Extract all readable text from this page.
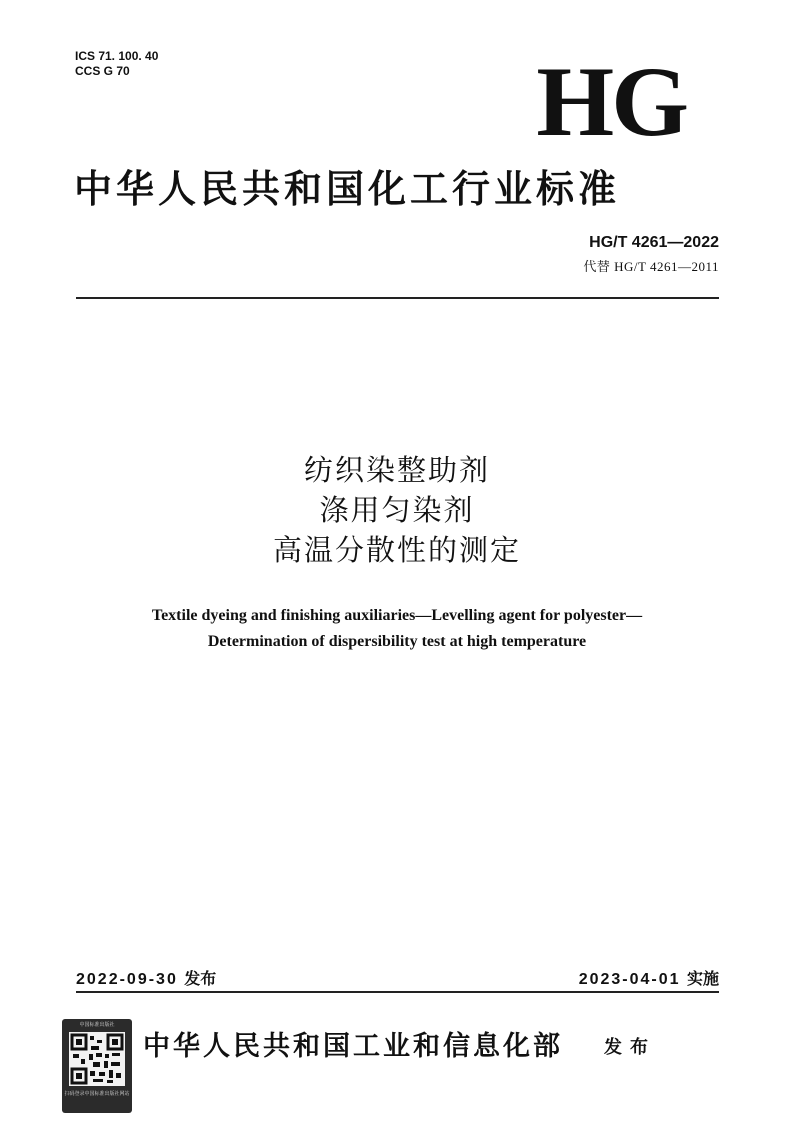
ICS 71. 100. 40
CCS G 70	HG
中华人民共和国化工行业标准
HG/T 4261—2022
代替 HG/T 4261—2011
纺织染整助剂
涤用匀染剂
高温分散性的测定
Textile dyeing and finishing auxiliaries—Levelling agent for polyester—
Determination of dispersibility test at high temperature
2022-09-30 发布	2023-04-01 实施
中国标准出版社
扫码登录中国标准出版社网站
中华人民共和国工业和信息化部 发布
